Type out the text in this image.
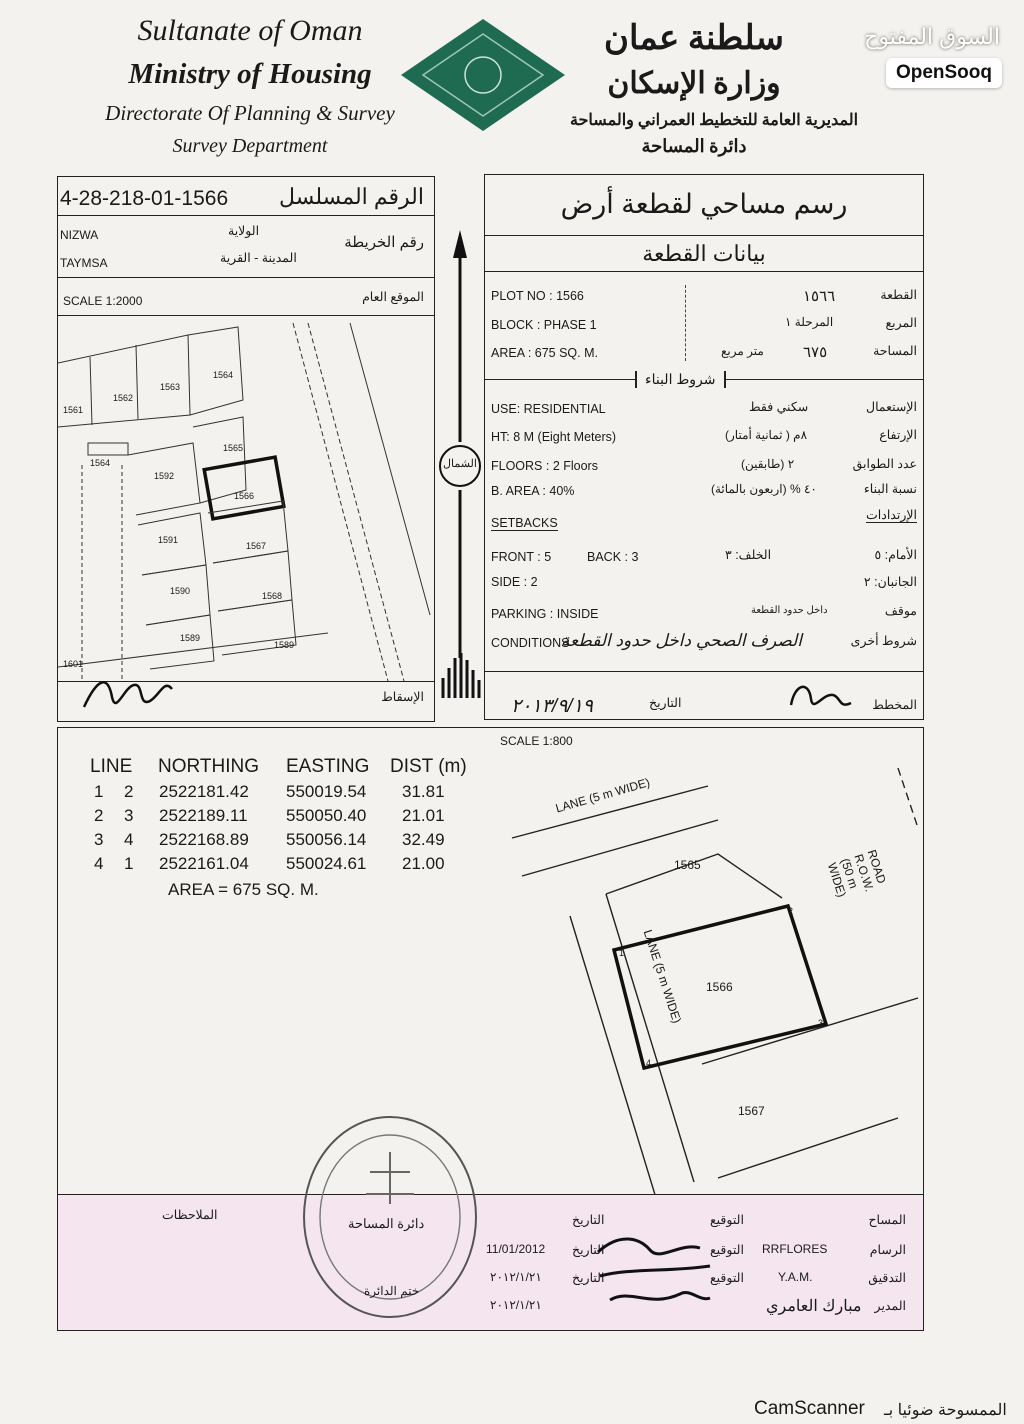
Sultanate of Oman
Ministry of Housing
Directorate Of Planning & Survey
Survey Department
سلطنة عمان
وزارة الإسكان
المديرية العامة للتخطيط العمراني والمساحة
دائرة المساحة
السوق المفتوح
OpenSooq
4-28-218-01-1566 الرقم المسلسل
NIZWA	الولاية
رقم الخريطة
TAYMSA	المدينة - القرية
SCALE 1:2000	الموقع العام
1561
1562
1563
1564
1565
1592
1566
1591
1567
1590	1568
1589
1589
1601
1564
الإسقاط
الشمال
رسم مساحي لقطعة أرض
بيانات القطعة
PLOT NO : 1566	١٥٦٦	القطعة
BLOCK : PHASE 1	المرحلة ١	المربع
AREA : 675 SQ. M.	متر مربع	٦٧٥	المساحة
شروط البناء
USE: RESIDENTIAL	سكني فقط	الإستعمال
HT: 8 M (Eight Meters)	٨م ( ثمانية أمتار)	الإرتفاع
FLOORS : 2 Floors	٢ (طابقين)	عدد الطوابق
B. AREA : 40%	٤٠ % (اربعون بالمائة)	نسبة البناء
SETBACKS
الإرتدادات
FRONT : 5	BACK : 3	الخلف: ٣	الأمام: ٥
SIDE : 2	الجانبان: ٢
PARKING : INSIDE	داخل حدود القطعة	موقف
CONDITIONS
الصرف الصحي داخل حدود القطعة	شروط أخرى
٢٠١٣/٩/١٩	التاريخ	المخطط
LINE NORTHING EASTING DIST (m)
1 2 2522181.42 550019.54 31.81
2 3 2522189.11 550050.40 21.01
3 4 2522168.89 550056.14 32.49
4 1 2522161.04 550024.61 21.00
AREA = 675 SQ. M.
SCALE 1:800
LANE (5 m WIDE)
LANE (5 m WIDE)
ROAD R.O.W. (50 m WIDE)
1565
1566
1567
1
2
3
4
دائرة المساحة
ختم الدائرة
الملاحظات	التاريخ	التوقيع	المساح
11/01/2012 التاريخ	التوقيع RRFLORES	الرسام
٢٠١٢/١/٢١ التاريخ	التوقيع	Y.A.M.	التدقيق
٢٠١٢/١/٢١	مبارك العامري المدير
الممسوحة ضوئيا بـ
CamScanner
